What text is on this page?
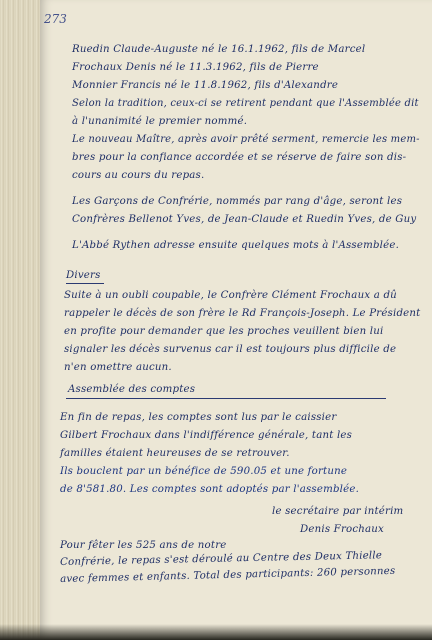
273
Ruedin Claude-Auguste né le 16.1.1962, fils de Marcel
Frochaux Denis né le 11.3.1962, fils de Pierre
Monnier Francis né le 11.8.1962, fils d'Alexandre
Selon la tradition, ceux-ci se retirent pendant que l'Assemblée dit
à l'unanimité le premier nommé.
Le nouveau Maître, après avoir prêté serment, remercie les mem-
bres pour la confiance accordée et se réserve de faire son dis-
cours au cours du repas.
Les Garçons de Confrérie, nommés par rang d'âge, seront les
Confrères Bellenot Yves, de Jean-Claude et Ruedin Yves, de Guy
L'Abbé Rythen adresse ensuite quelques mots à l'Assemblée.
Divers
Suite à un oubli coupable, le Confrère Clément Frochaux a dû
rappeler le décès de son frère le Rd François-Joseph. Le Président
en profite pour demander que les proches veuillent bien lui
signaler les décès survenus car il est toujours plus difficile de
n'en omettre aucun.
Assemblée des comptes
En fin de repas, les comptes sont lus par le caissier
Gilbert Frochaux dans l'indifférence générale, tant les
familles étaient heureuses de se retrouver.
Ils bouclent par un bénéfice de 590.05 et une fortune
de 8'581.80. Les comptes sont adoptés par l'assemblée.
le secrétaire par intérim
Denis Frochaux
Pour fêter les 525 ans de notre
Confrérie, le repas s'est déroulé au Centre des Deux Thielle
avec femmes et enfants. Total des participants: 260 personnes
